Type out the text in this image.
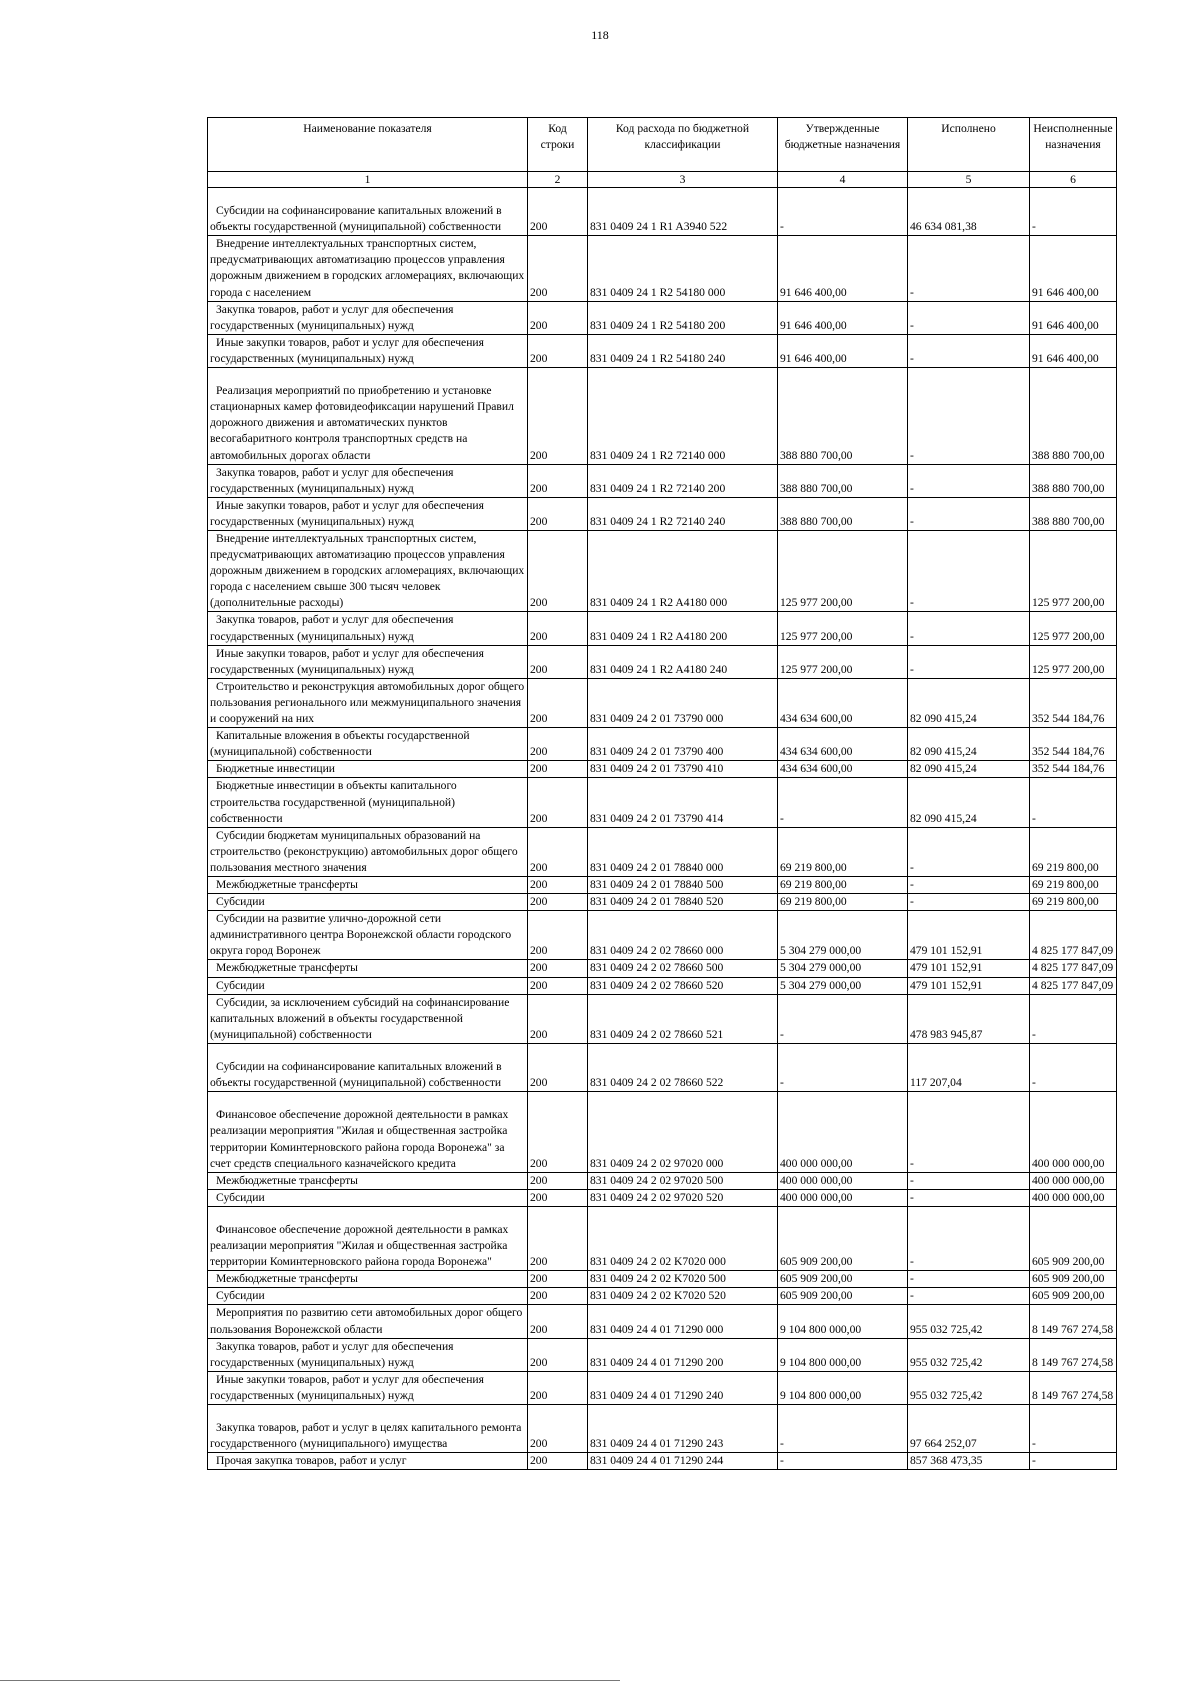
118
Наименование показателя	Код строки	Код расхода по бюджетной классификации	Утвержденные бюджетные назначения	Исполнено	Неисполненные назначения
1	2	3	4	5	6
Субсидии на софинансирование капитальных вложений в объекты государственной (муниципальной) собственности	200	831 0409 24 1 R1 A3940 522	-	46 634 081,38	-
Внедрение интеллектуальных транспортных систем, предусматривающих автоматизацию процессов управления дорожным движением в городских агломерациях, включающих города с населением	200	831 0409 24 1 R2 54180 000	91 646 400,00	-	91 646 400,00
Закупка товаров, работ и услуг для обеспечения государственных (муниципальных) нужд	200	831 0409 24 1 R2 54180 200	91 646 400,00	-	91 646 400,00
Иные закупки товаров, работ и услуг для обеспечения государственных (муниципальных) нужд	200	831 0409 24 1 R2 54180 240	91 646 400,00	-	91 646 400,00
Реализация мероприятий по приобретению и установке стационарных камер фотовидеофиксации нарушений Правил дорожного движения и автоматических пунктов весогабаритного контроля транспортных средств на автомобильных дорогах области	200	831 0409 24 1 R2 72140 000	388 880 700,00	-	388 880 700,00
Закупка товаров, работ и услуг для обеспечения государственных (муниципальных) нужд	200	831 0409 24 1 R2 72140 200	388 880 700,00	-	388 880 700,00
Иные закупки товаров, работ и услуг для обеспечения государственных (муниципальных) нужд	200	831 0409 24 1 R2 72140 240	388 880 700,00	-	388 880 700,00
Внедрение интеллектуальных транспортных систем, предусматривающих автоматизацию процессов управления дорожным движением в городских агломерациях, включающих города с населением свыше 300 тысяч человек (дополнительные расходы)	200	831 0409 24 1 R2 A4180 000	125 977 200,00	-	125 977 200,00
Закупка товаров, работ и услуг для обеспечения государственных (муниципальных) нужд	200	831 0409 24 1 R2 A4180 200	125 977 200,00	-	125 977 200,00
Иные закупки товаров, работ и услуг для обеспечения государственных (муниципальных) нужд	200	831 0409 24 1 R2 A4180 240	125 977 200,00	-	125 977 200,00
Строительство и реконструкция автомобильных дорог общего пользования регионального или межмуниципального значения и сооружений на них	200	831 0409 24 2 01 73790 000	434 634 600,00	82 090 415,24	352 544 184,76
Капитальные вложения в объекты государственной (муниципальной) собственности	200	831 0409 24 2 01 73790 400	434 634 600,00	82 090 415,24	352 544 184,76
Бюджетные инвестиции	200	831 0409 24 2 01 73790 410	434 634 600,00	82 090 415,24	352 544 184,76
Бюджетные инвестиции в объекты капитального строительства государственной (муниципальной) собственности	200	831 0409 24 2 01 73790 414	-	82 090 415,24	-
Субсидии бюджетам муниципальных образований на строительство (реконструкцию) автомобильных дорог общего пользования местного значения	200	831 0409 24 2 01 78840 000	69 219 800,00	-	69 219 800,00
Межбюджетные трансферты	200	831 0409 24 2 01 78840 500	69 219 800,00	-	69 219 800,00
Субсидии	200	831 0409 24 2 01 78840 520	69 219 800,00	-	69 219 800,00
Субсидии на развитие улично-дорожной сети административного центра Воронежской области городского округа город Воронеж	200	831 0409 24 2 02 78660 000	5 304 279 000,00	479 101 152,91	4 825 177 847,09
Межбюджетные трансферты	200	831 0409 24 2 02 78660 500	5 304 279 000,00	479 101 152,91	4 825 177 847,09
Субсидии	200	831 0409 24 2 02 78660 520	5 304 279 000,00	479 101 152,91	4 825 177 847,09
Субсидии, за исключением субсидий на софинансирование капитальных вложений в объекты государственной (муниципальной) собственности	200	831 0409 24 2 02 78660 521	-	478 983 945,87	-
Субсидии на софинансирование капитальных вложений в объекты государственной (муниципальной) собственности	200	831 0409 24 2 02 78660 522	-	117 207,04	-
Финансовое обеспечение дорожной деятельности в рамках реализации мероприятия "Жилая и общественная застройка территории Коминтерновского района города Воронежа" за счет средств специального казначейского кредита	200	831 0409 24 2 02 97020 000	400 000 000,00	-	400 000 000,00
Межбюджетные трансферты	200	831 0409 24 2 02 97020 500	400 000 000,00	-	400 000 000,00
Субсидии	200	831 0409 24 2 02 97020 520	400 000 000,00	-	400 000 000,00
Финансовое обеспечение дорожной деятельности в рамках реализации мероприятия "Жилая и общественная застройка территории Коминтерновского района города Воронежа"	200	831 0409 24 2 02 K7020 000	605 909 200,00	-	605 909 200,00
Межбюджетные трансферты	200	831 0409 24 2 02 K7020 500	605 909 200,00	-	605 909 200,00
Субсидии	200	831 0409 24 2 02 K7020 520	605 909 200,00	-	605 909 200,00
Мероприятия по развитию сети автомобильных дорог общего пользования Воронежской области	200	831 0409 24 4 01 71290 000	9 104 800 000,00	955 032 725,42	8 149 767 274,58
Закупка товаров, работ и услуг для обеспечения государственных (муниципальных) нужд	200	831 0409 24 4 01 71290 200	9 104 800 000,00	955 032 725,42	8 149 767 274,58
Иные закупки товаров, работ и услуг для обеспечения государственных (муниципальных) нужд	200	831 0409 24 4 01 71290 240	9 104 800 000,00	955 032 725,42	8 149 767 274,58
Закупка товаров, работ и услуг в целях капитального ремонта государственного (муниципального) имущества	200	831 0409 24 4 01 71290 243	-	97 664 252,07	-
Прочая закупка товаров, работ и услуг	200	831 0409 24 4 01 71290 244	-	857 368 473,35	-
